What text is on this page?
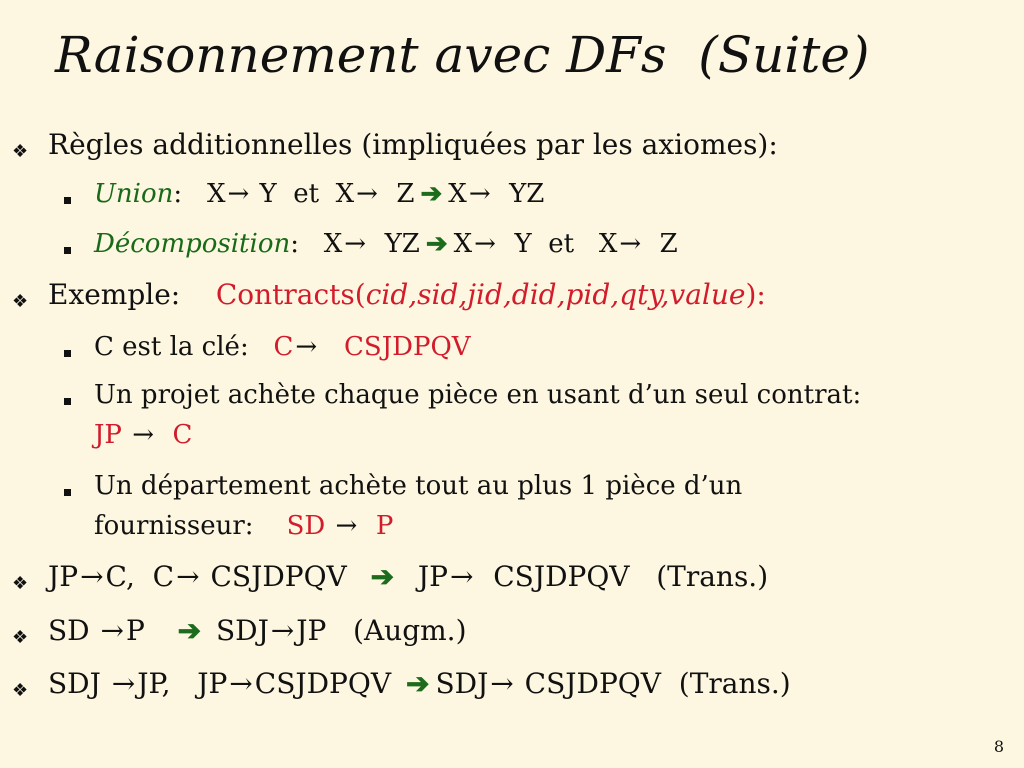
Raisonnement avec DFs  (Suite)
❖ Règles additionnelles (impliquées par les axiomes):
Union: X→ Y  et  X→ Z ➔ X→ YZ
Décomposition: X→ YZ ➔ X→ Y  et   X→ Z
❖ Exemple: Contracts(cid,sid,jid,did,pid,qty,value):
C est la clé: C→ CSJDPQV
Un projet achète chaque pièce en usant d’un seul contrat:
JP → C
Un département achète tout au plus 1 pièce d’un
fournisseur: SD → P
❖ JP→C,  C→ CSJDPQV ➔ JP→ CSJDPQV   (Trans.)
❖ SD →P ➔ SDJ→JP   (Augm.)
❖ SDJ →JP,   JP→CSJDPQV ➔ SDJ→ CSJDPQV  (Trans.)
8
